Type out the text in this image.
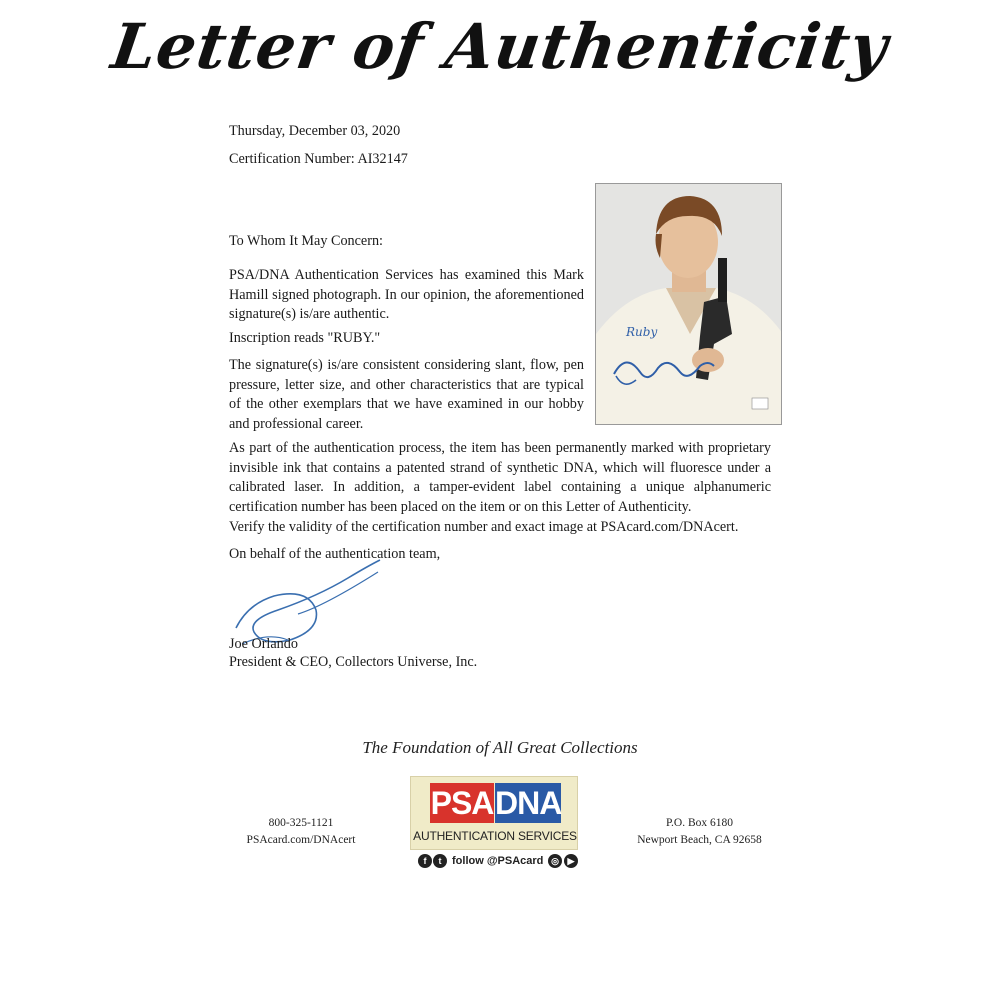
Letter of Authenticity
Thursday, December 03, 2020
Certification Number: AI32147
To Whom It May Concern:
PSA/DNA Authentication Services has examined this Mark Hamill signed photograph. In our opinion, the aforementioned signature(s) is/are authentic.
Inscription reads "RUBY."
The signature(s) is/are consistent considering slant, flow, pen pressure, letter size, and other characteristics that are typical of the other exemplars that we have examined in our hobby and professional career.
As part of the authentication process, the item has been permanently marked with proprietary invisible ink that contains a patented strand of synthetic DNA, which will fluoresce under a calibrated laser. In addition, a tamper-evident label containing a unique alphanumeric certification number has been placed on the item or on this Letter of Authenticity.
Verify the validity of the certification number and exact image at PSAcard.com/DNAcert.
On behalf of the authentication team,
Ruby
Joe Orlando
President & CEO, Collectors Universe, Inc.
The Foundation of All Great Collections
800-325-1121
PSAcard.com/DNAcert
PSA DNA
AUTHENTICATION SERVICES
f	t follow @PSAcard ◎ ▶
P.O. Box 6180
Newport Beach, CA 92658
